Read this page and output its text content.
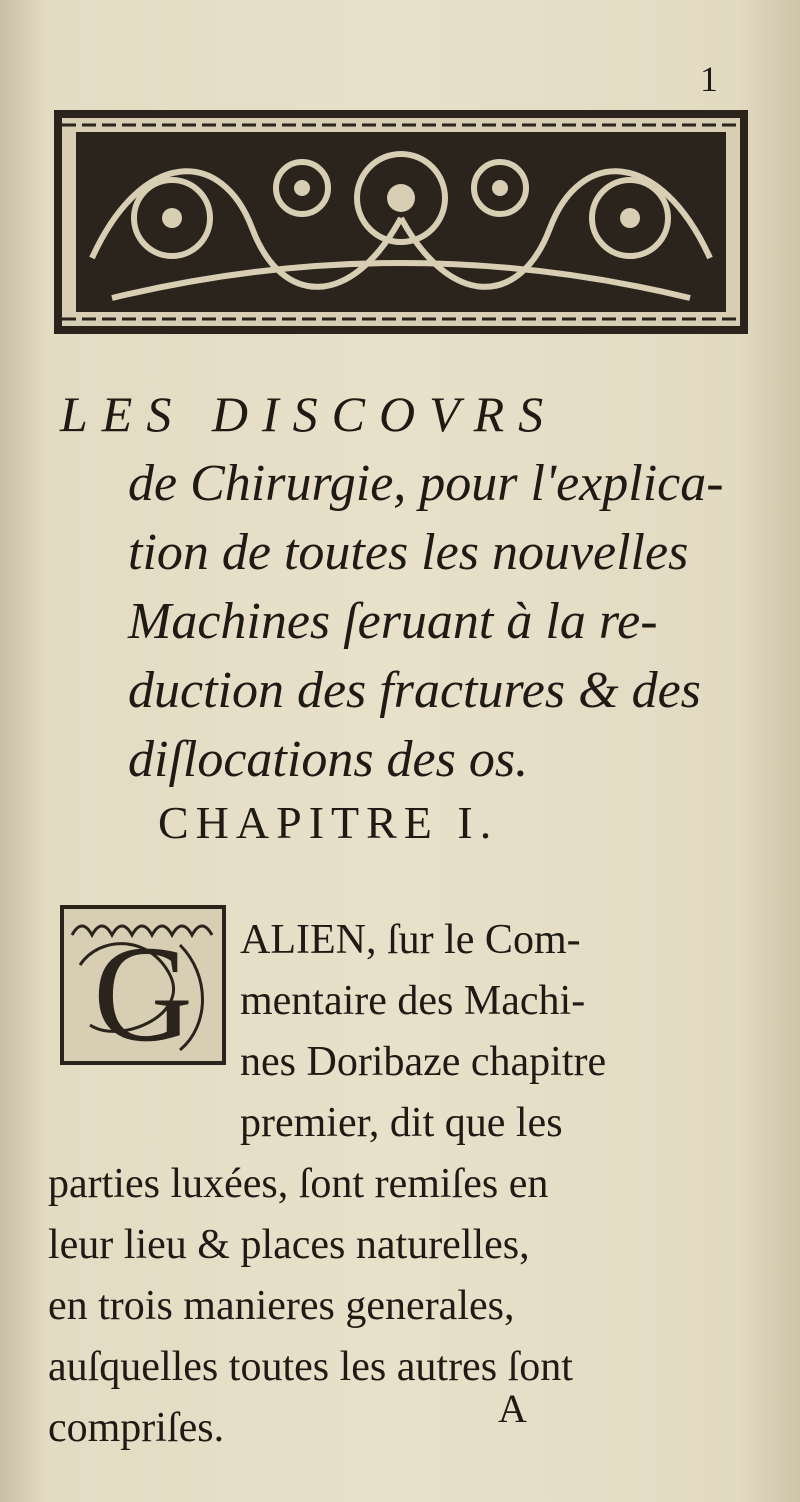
1
LES DISCOVRS
de Chirurgie, pour l'explica-
tion de toutes les nouvelles
Machines ſeruant à la re-
duction des fractures & des
diſlocations des os.
CHAPITRE I.
G	ALIEN, ſur le Com-
mentaire des Machi-
nes Doribaze chapitre
premier, dit que les
parties luxées, ſont remiſes en
leur lieu & places naturelles,
en trois manieres generales,
auſquelles toutes les autres ſont
compriſes.	A
